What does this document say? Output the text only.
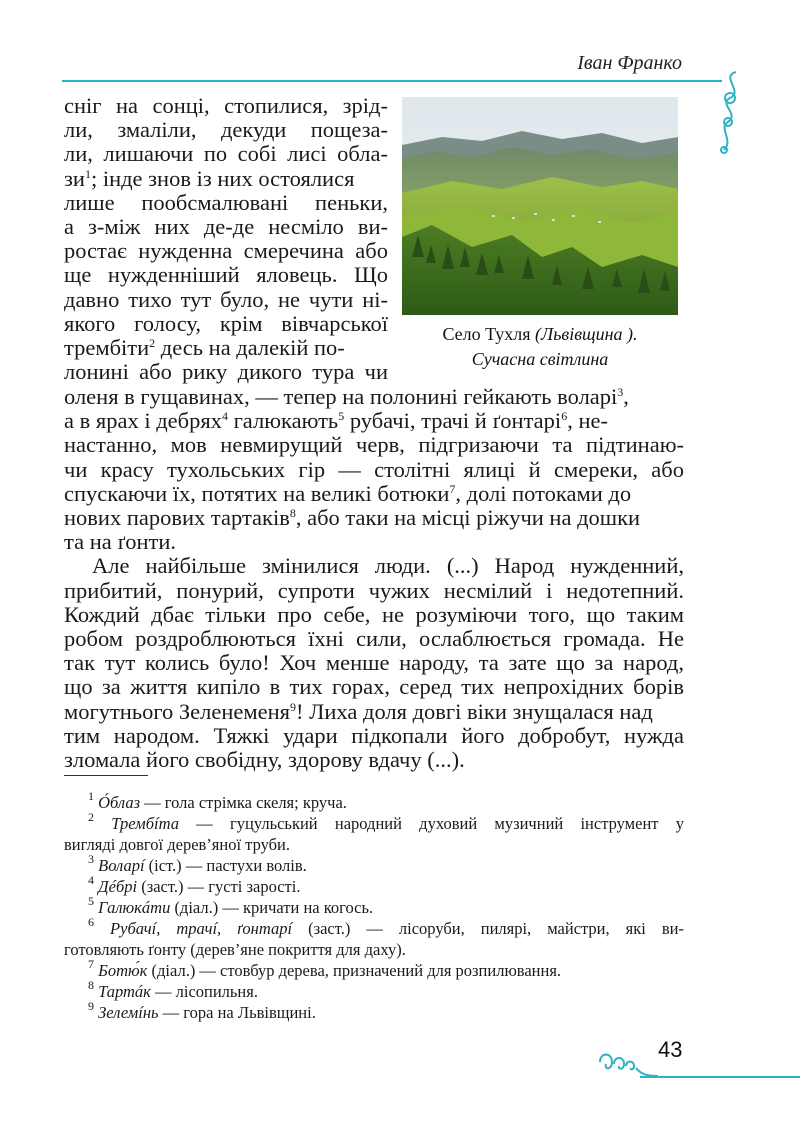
Іван Франко
Село Тухля (Львівщина ).
Сучасна світлина
сніг на сонці, стопилися, зрід-
ли, змаліли, декуди пощеза-
ли, лишаючи по собі лисі обла-
$зи^1$; інде знов із них остоялися
лише пообсмалювані пеньки,
а з-між них де-де несміло ви-
ростає нужденна смеречина або
ще нужденніший яловець. Що
давно тихо тут було, не чути ні-
якого голосу, крім вівчарської
трембіти$^2$ десь на далекій по-
лонині або рику дикого тура чи
оленя в гущавинах, — тепер на полонині гейкають воларі$^3$,
а в ярах і дебрях$^4$ галюкають$^5$ рубачі, трачі й ґонтарі$^6$, не-
настанно, мов невмирущий черв, підгризаючи та підтинаю-
чи красу тухольських гір — столітні ялиці й смереки, або
спускаючи їх, потятих на великі ботюки$^7$, долі потоками до
нових парових тартаків$^8$, або таки на місці ріжучи на дошки
та на ґонти.
Але найбільше змінилися люди. (...) Народ нужденний,
прибитий, понурий, супроти чужих несмілий і недотепний.
Кождий дбає тільки про себе, не розуміючи того, що таким
робом роздроблюються їхні сили, ослаблюється громада. Не
так тут колись було! Хоч менше народу, та зате що за народ,
що за життя кипіло в тих горах, серед тих непрохідних борів
могутнього Зеленеменя$^9$! Лиха доля довгі віки знущалася над
тим народом. Тяжкі удари підкопали його добробут, нужда
зломала його свобідну, здорову вдачу (...).
$^1$ Óблаз — гола стрімка скеля; круча.
$^2$ Трембíта — гуцульський народний духовий музичний інструмент у
вигляді довгої дерев’яної труби.
$^3$ Воларí (іст.) — пастухи волів.
$^4$ Дéбрі (заст.) — густі зарості.
$^5$ Галюкáти (діал.) — кричати на когось.
$^6$ Рубачí, трачí, ґонтарí (заст.) — лісоруби, пилярі, майстри, які ви-
готовляють ґонту (дерев’яне покриття для даху).
$^7$ Ботю́к (діал.) — стовбур дерева, призначений для розпилювання.
$^8$ Тартáк — лісопильня.
$^9$ Зелемíнь — гора на Львівщині.
43
